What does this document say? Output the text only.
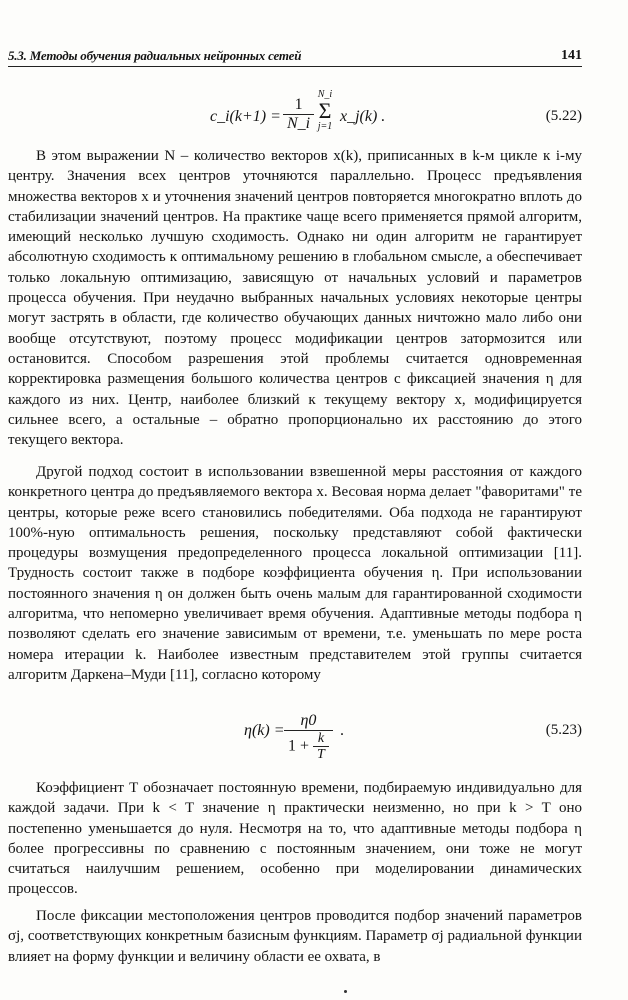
5.3. Методы обучения радиальных нейронных сетей	141
c_i(k+1) = $\frac{1}{N\_i}$
N_i
Σ
j=1
x_j(k) .	(5.22)

В этом выражении N – количество векторов x(k), приписанных в k-м цикле к i-му центру. Значения всех центров уточняются параллельно. Процесс предъявления множества векторов x и уточнения значений центров повторяется многократно вплоть до стабилизации значений центров. На практике чаще всего применяется прямой алгоритм, имеющий несколько лучшую сходимость. Однако ни один алгоритм не гарантирует абсолютную сходимость к оптимальному решению в глобальном смысле, а обеспечивает только локальную оптимизацию, зависящую от начальных условий и параметров процесса обучения. При неудачно выбранных начальных условиях некоторые центры могут застрять в области, где количество обучающих данных ничтожно мало либо они вообще отсутствуют, поэтому процесс модификации центров затормозится или остановится. Способом разрешения этой проблемы считается одновременная корректировка размещения большого количества центров с фиксацией значения η для каждого из них. Центр, наиболее близкий к текущему вектору x, модифицируется сильнее всего, а остальные – обратно пропорционально их расстоянию до этого текущего вектора.

Другой подход состоит в использовании взвешенной меры расстояния от каждого конкретного центра до предъявляемого вектора x. Весовая норма делает "фаворитами" те центры, которые реже всего становились победителями. Оба подхода не гарантируют 100%-ную оптимальность решения, поскольку представляют собой фактически процедуры возмущения предопределенного процесса локальной оптимизации [11]. Трудность состоит также в подборе коэффициента обучения η. При использовании постоянного значения η он должен быть очень малым для гарантированной сходимости алгоритма, что непомерно увеличивает время обучения. Адаптивные методы подбора η позволяют сделать его значение зависимым от времени, т.е. уменьшать по мере роста номера итерации k. Наиболее известным представителем этой группы считается алгоритм Даркена–Муди [11], согласно которому

$\eta(k) = \frac{\eta 0}{1 + \frac{k}{T}}$ .	(5.23)

Коэффициент T обозначает постоянную времени, подбираемую индивидуально для каждой задачи. При k < T значение η практически неизменно, но при k > T оно постепенно уменьшается до нуля. Несмотря на то, что адаптивные методы подбора η более прогрессивны по сравнению с постоянным значением, они тоже не могут считаться наилучшим решением, особенно при моделировании динамических процессов.

После фиксации местоположения центров проводится подбор значений параметров σj, соответствующих конкретным базисным функциям. Параметр σj радиальной функции влияет на форму функции и величину области ее охвата, в
